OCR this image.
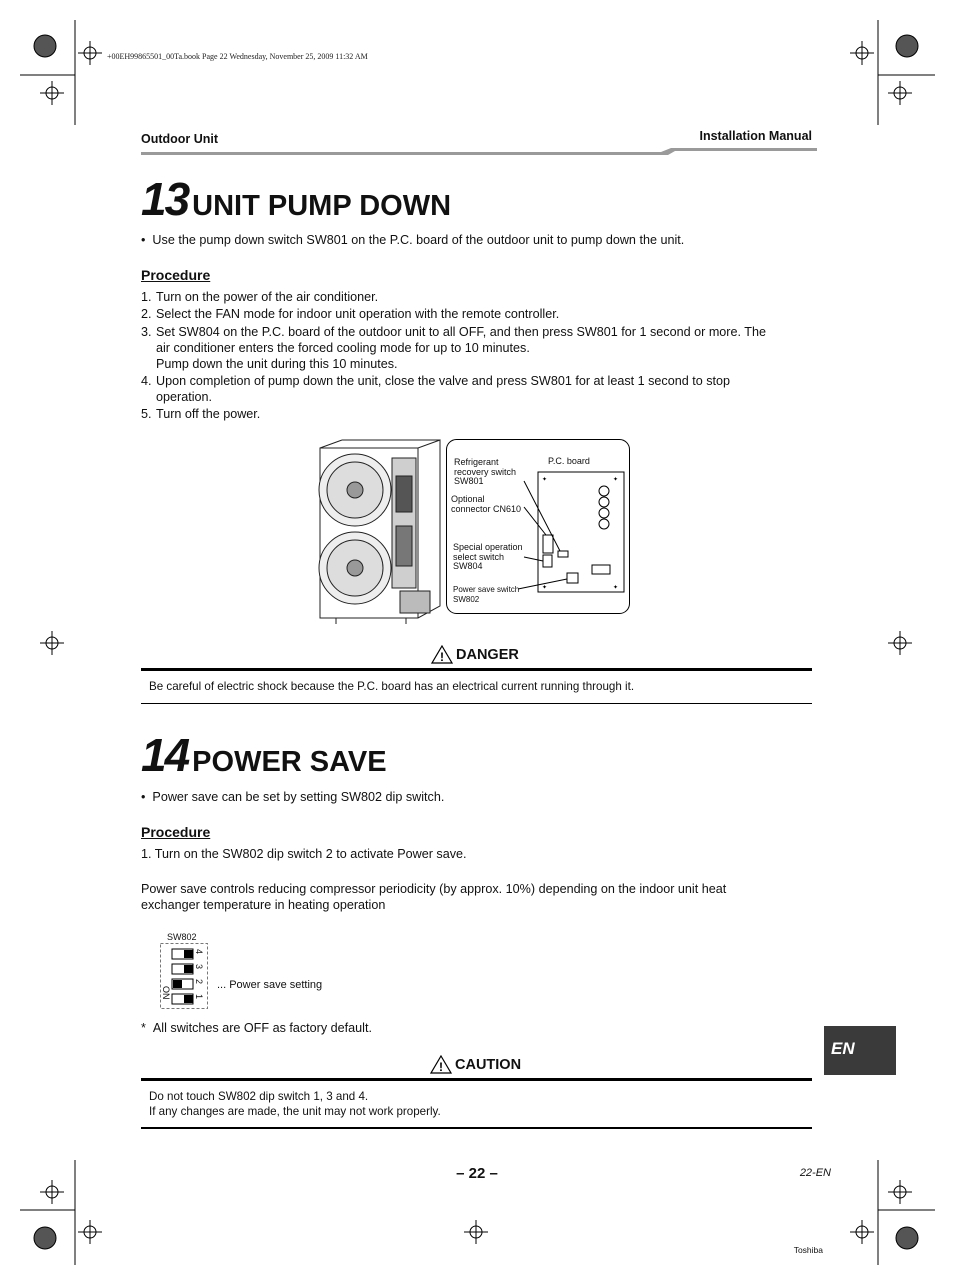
+00EH99865501_00Ta.book Page 22 Wednesday, November 25, 2009 11:32 AM
Outdoor Unit	Installation Manual
13 UNIT PUMP DOWN
•  Use the pump down switch SW801 on the P.C. board of the outdoor unit to pump down the unit.
Procedure
1. Turn on the power of the air conditioner.
2. Select the FAN mode for indoor unit operation with the remote controller.
3. Set SW804 on the P.C. board of the outdoor unit to all OFF, and then press SW801 for 1 second or more. The
air conditioner enters the forced cooling mode for up to 10 minutes.
Pump down the unit during this 10 minutes.
4. Upon completion of pump down the unit, close the valve and press SW801 for at least 1 second to stop
operation.
5. Turn off the power.
✦	✦
✦	✦
P.C. board
Refrigerant
recovery switch
SW801
Optional
connector CN610
Special operation
select switch
SW804
Power save switch
SW802
! DANGER
Be careful of electric shock because the P.C. board has an electrical current running through it.
14 POWER SAVE
•  Power save can be set by setting SW802 dip switch.
Procedure
1. Turn on the SW802 dip switch 2 to activate Power save.
Power save controls reducing compressor periodicity (by approx. 10%) depending on the indoor unit heat
exchanger temperature in heating operation
SW802
ON
4
3
2
1
... Power save setting
* All switches are OFF as factory default.
! CAUTION
Do not touch SW802 dip switch 1, 3 and 4.
If any changes are made, the unit may not work properly.
EN
– 22 –	22-EN
Toshiba
